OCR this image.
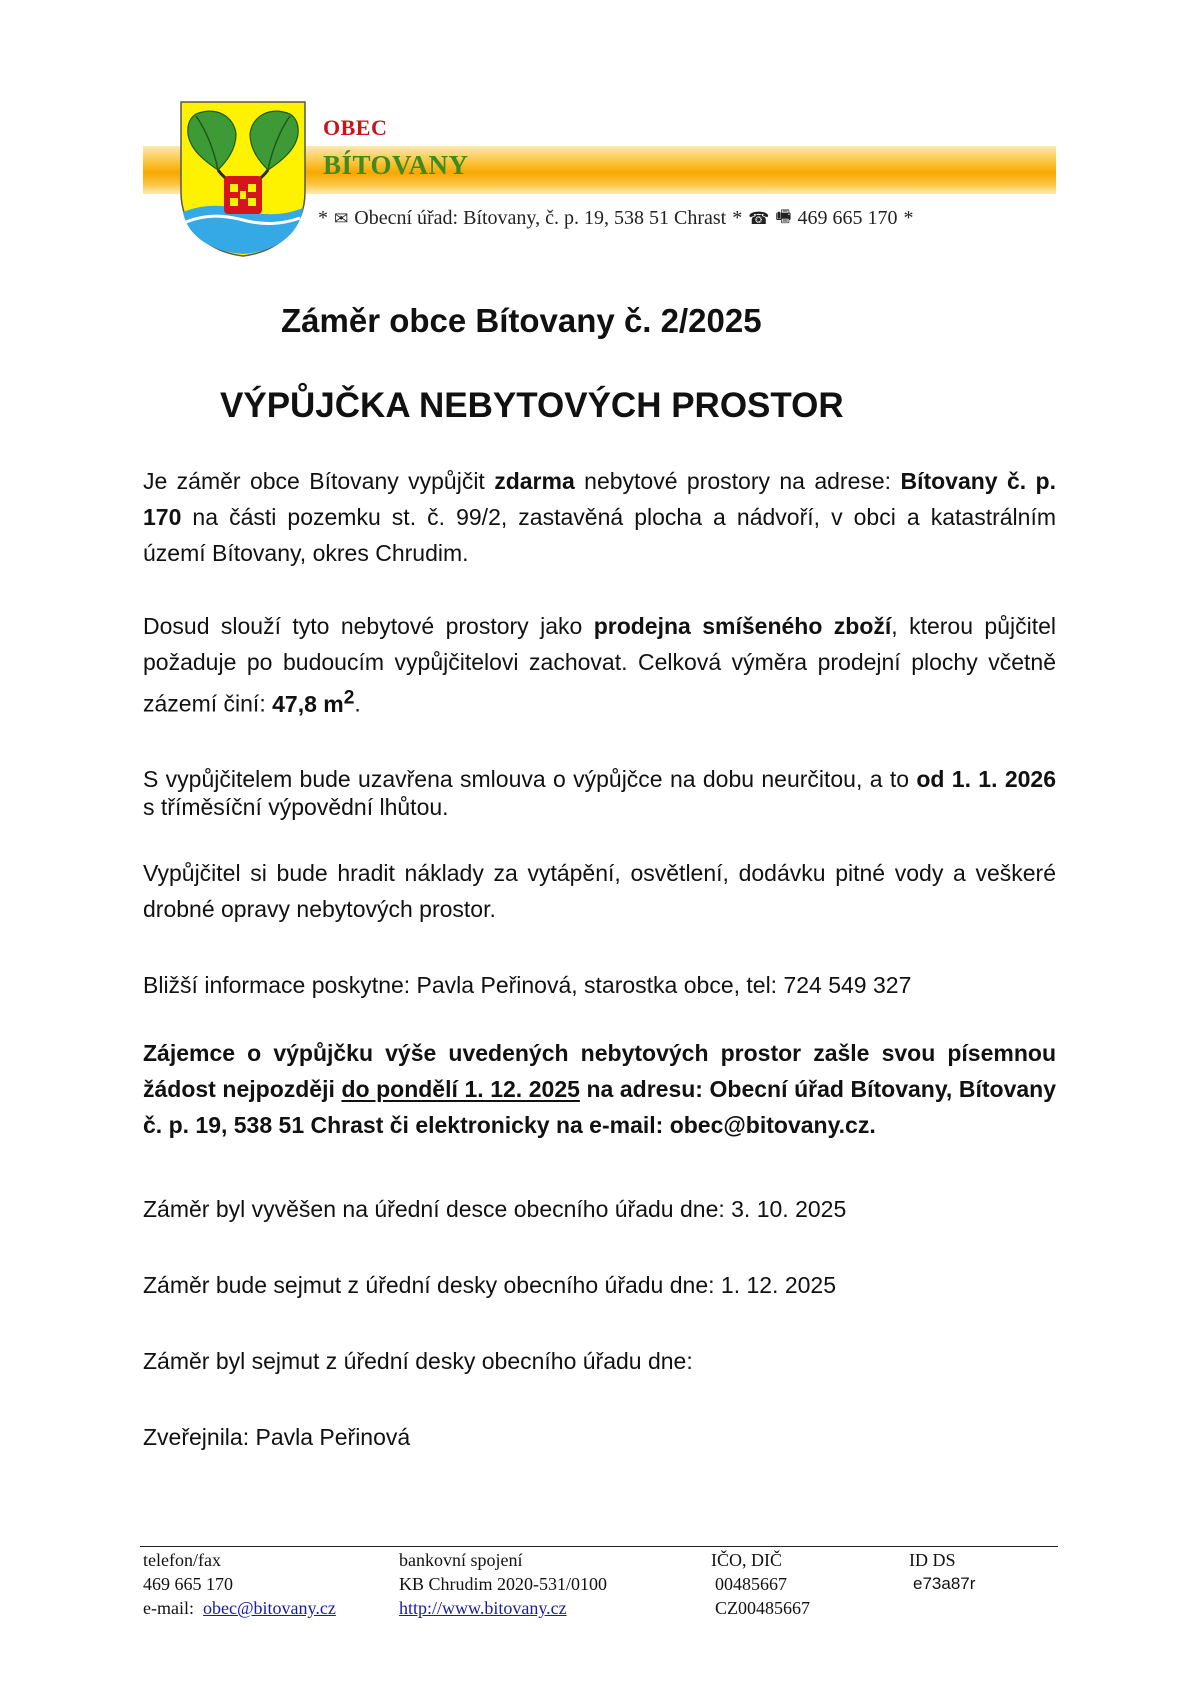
OBEC
BÍTOVANY
* ✉ Obecní úřad: Bítovany, č. p. 19, 538 51 Chrast * ☎ 🖷 469 665 170 *
Záměr obce Bítovany č. 2/2025
VÝPŮJČKA NEBYTOVÝCH PROSTOR

Je záměr obce Bítovany vypůjčit zdarma nebytové prostory na adrese: Bítovany č. p. 170 na části pozemku st. č. 99/2, zastavěná plocha a nádvoří, v obci a katastrálním území Bítovany, okres Chrudim.

Dosud slouží tyto nebytové prostory jako prodejna smíšeného zboží, kterou půjčitel požaduje po budoucím vypůjčitelovi zachovat. Celková výměra prodejní plochy včetně zázemí činí: 47,8 $m^2$.

S vypůjčitelem bude uzavřena smlouva o výpůjčce na dobu neurčitou, a to od 1. 1. 2026 s tříměsíční výpovědní lhůtou.

Vypůjčitel si bude hradit náklady za vytápění, osvětlení, dodávku pitné vody a veškeré drobné opravy nebytových prostor.

Bližší informace poskytne: Pavla Peřinová, starostka obce, tel: 724 549 327

Zájemce o výpůjčku výše uvedených nebytových prostor zašle svou písemnou žádost nejpozději do pondělí 1. 12. 2025 na adresu: Obecní úřad Bítovany, Bítovany č. p. 19, 538 51 Chrast či elektronicky na e-mail: obec@bitovany.cz.

Záměr byl vyvěšen na úřední desce obecního úřadu dne: 3. 10. 2025

Záměr bude sejmut z úřední desky obecního úřadu dne: 1. 12. 2025

Záměr byl sejmut z úřední desky obecního úřadu dne:

Zveřejnila: Pavla Peřinová

telefon/fax
469 665 170
e-mail: obec@bitovany.cz
bankovní spojení
KB Chrudim 2020-531/0100
http://www.bitovany.cz
IČO, DIČ
00485667
CZ00485667
ID DS
e73a87r
